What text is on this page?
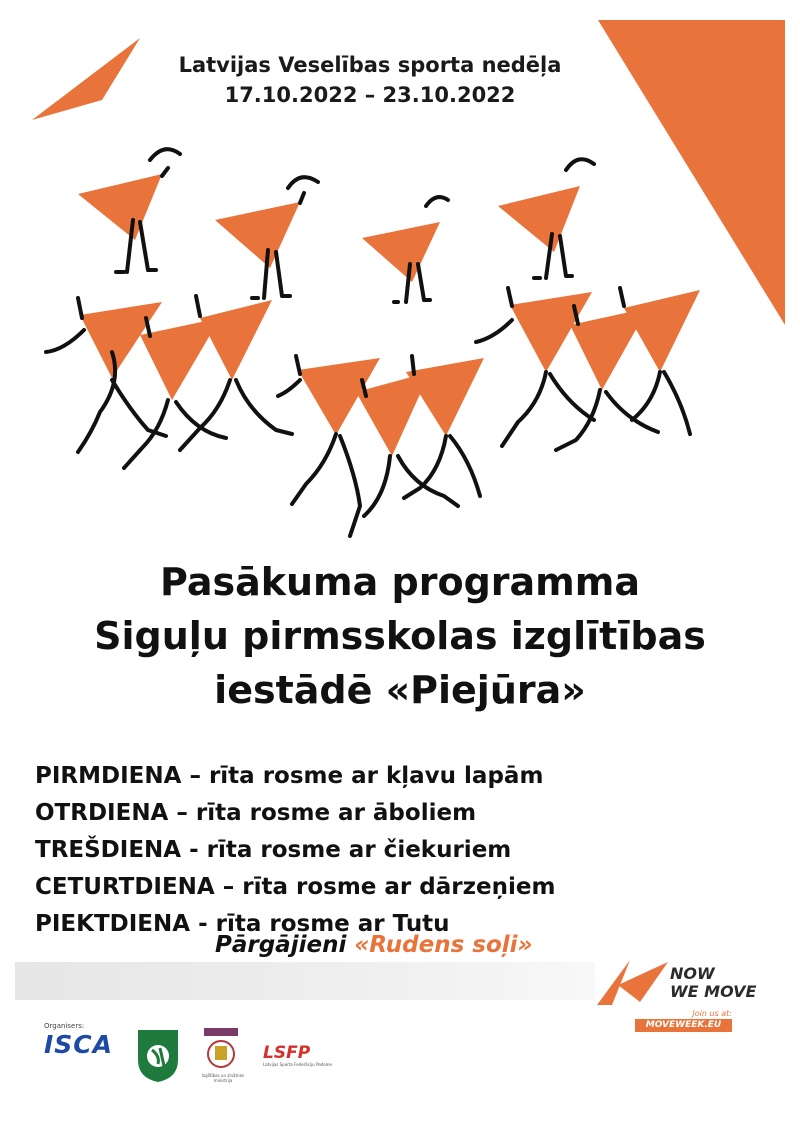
Latvijas Veselības sporta nedēļa
17.10.2022 – 23.10.2022
Pasākuma programma
Siguļu pirmsskolas izglītības
iestādē «Piejūra»
PIRMDIENA – rīta rosme ar kļavu lapām
OTRDIENA – rīta rosme ar āboliem
TREŠDIENA - rīta rosme ar čiekuriem
CETURTDIENA – rīta rosme ar dārzeņiem
PIEKTDIENA - rīta rosme ar Tutu
Pārgājieni «Rudens soļi»
NOW
WE MOVE
Join us at:
MOVEWEEK.EU
Organisers:
ISCA	LSFP
Latvijas Sporta Federāciju Padome
Izglītības un zinātnes ministrija
